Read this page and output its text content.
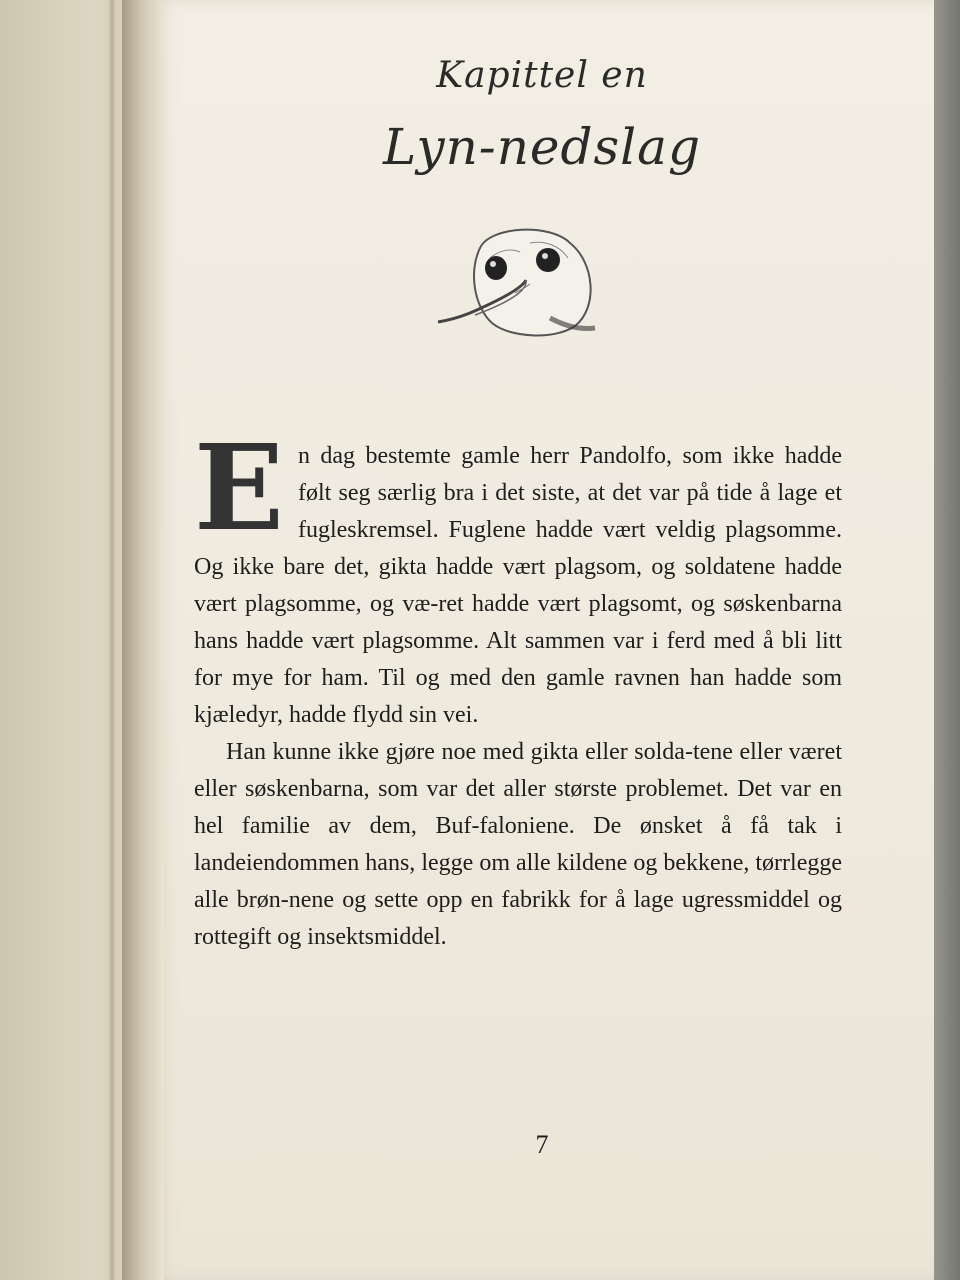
Kapittel en
Lyn-nedslag

En dag bestemte gamle herr Pandolfo, som ikke hadde følt seg særlig bra i det siste, at det var på tide å lage et fugleskremsel. Fuglene hadde vært veldig plagsomme. Og ikke bare det, gikta hadde vært plagsom, og soldatene hadde vært plagsomme, og væ-ret hadde vært plagsomt, og søskenbarna hans hadde vært plagsomme. Alt sammen var i ferd med å bli litt for mye for ham. Til og med den gamle ravnen han hadde som kjæledyr, hadde flydd sin vei.

Han kunne ikke gjøre noe med gikta eller solda-tene eller været eller søskenbarna, som var det aller største problemet. Det var en hel familie av dem, Buf-faloniene. De ønsket å få tak i landeiendommen hans, legge om alle kildene og bekkene, tørrlegge alle brøn-nene og sette opp en fabrikk for å lage ugressmiddel og rottegift og insektsmiddel.

7
